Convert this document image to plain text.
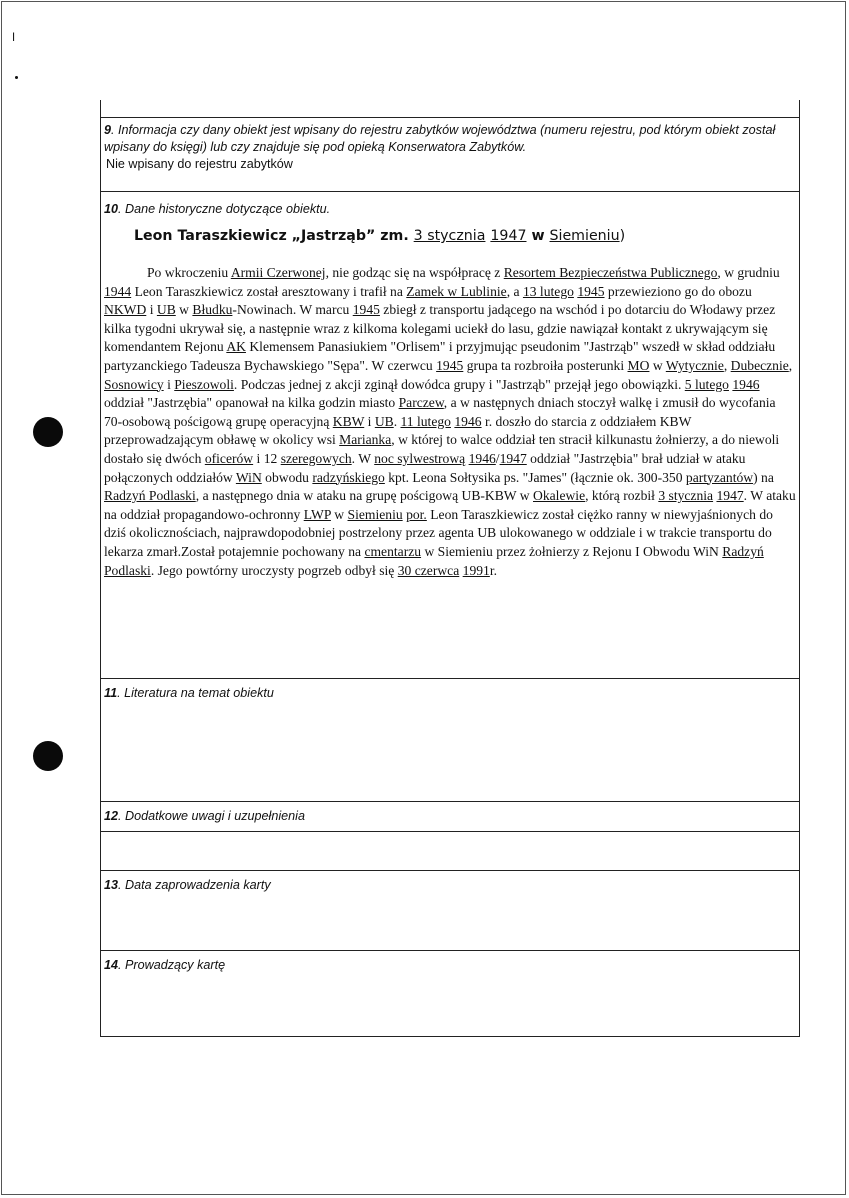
ǀ
9. Informacja czy dany obiekt jest wpisany do rejestru zabytków województwa (numeru rejestru, pod którym obiekt został wpisany do księgi) lub czy znajduje się pod opieką Konserwatora Zabytków.
Nie wpisany do rejestru zabytków
10. Dane historyczne dotyczące obiektu.
Leon Taraszkiewicz „Jastrząb” zm. 3 stycznia 1947 w Siemieniu)

Po wkroczeniu Armii Czerwonej, nie godząc się na współpracę z Resortem Bezpieczeństwa Publicznego, w grudniu 1944 Leon Taraszkiewicz został aresztowany i trafił na Zamek w Lublinie, a 13 lutego 1945 przewieziono go do obozu NKWD i UB w Błudku-Nowinach. W marcu 1945 zbiegł z transportu jadącego na wschód i po dotarciu do Włodawy przez kilka tygodni ukrywał się, a następnie wraz z kilkoma kolegami uciekł do lasu, gdzie nawiązał kontakt z ukrywającym się komendantem Rejonu AK Klemensem Panasiukiem "Orlisem" i przyjmując pseudonim "Jastrząb" wszedł w skład oddziału partyzanckiego Tadeusza Bychawskiego "Sępa". W czerwcu 1945 grupa ta rozbroiła posterunki MO w Wytycznie, Dubecznie, Sosnowicy i Pieszowoli. Podczas jednej z akcji zginął dowódca grupy i "Jastrząb" przejął jego obowiązki. 5 lutego 1946 oddział "Jastrzębia" opanował na kilka godzin miasto Parczew, a w następnych dniach stoczył walkę i zmusił do wycofania 70-osobową pościgową grupę operacyjną KBW i UB. 11 lutego 1946 r. doszło do starcia z oddziałem KBW przeprowadzającym obławę w okolicy wsi Marianka, w której to walce oddział ten stracił kilkunastu żołnierzy, a do niewoli dostało się dwóch oficerów i 12 szeregowych. W noc sylwestrową 1946/1947 oddział "Jastrzębia" brał udział w ataku połączonych oddziałów WiN obwodu radzyńskiego kpt. Leona Sołtysika ps. "James" (łącznie ok. 300-350 partyzantów) na Radzyń Podlaski, a następnego dnia w ataku na grupę pościgową UB-KBW w Okalewie, którą rozbił 3 stycznia 1947. W ataku na oddział propagandowo-ochronny LWP w Siemieniu por. Leon Taraszkiewicz został ciężko ranny w niewyjaśnionych do dziś okolicznościach, najprawdopodobniej postrzelony przez agenta UB ulokowanego w oddziale i w trakcie transportu do lekarza zmarł.Został potajemnie pochowany na cmentarzu w Siemieniu przez żołnierzy z Rejonu I Obwodu WiN Radzyń Podlaski. Jego powtórny uroczysty pogrzeb odbył się 30 czerwca 1991r.

11. Literatura na temat obiektu
12. Dodatkowe uwagi i uzupełnienia
13. Data zaprowadzenia karty
14. Prowadzący kartę
